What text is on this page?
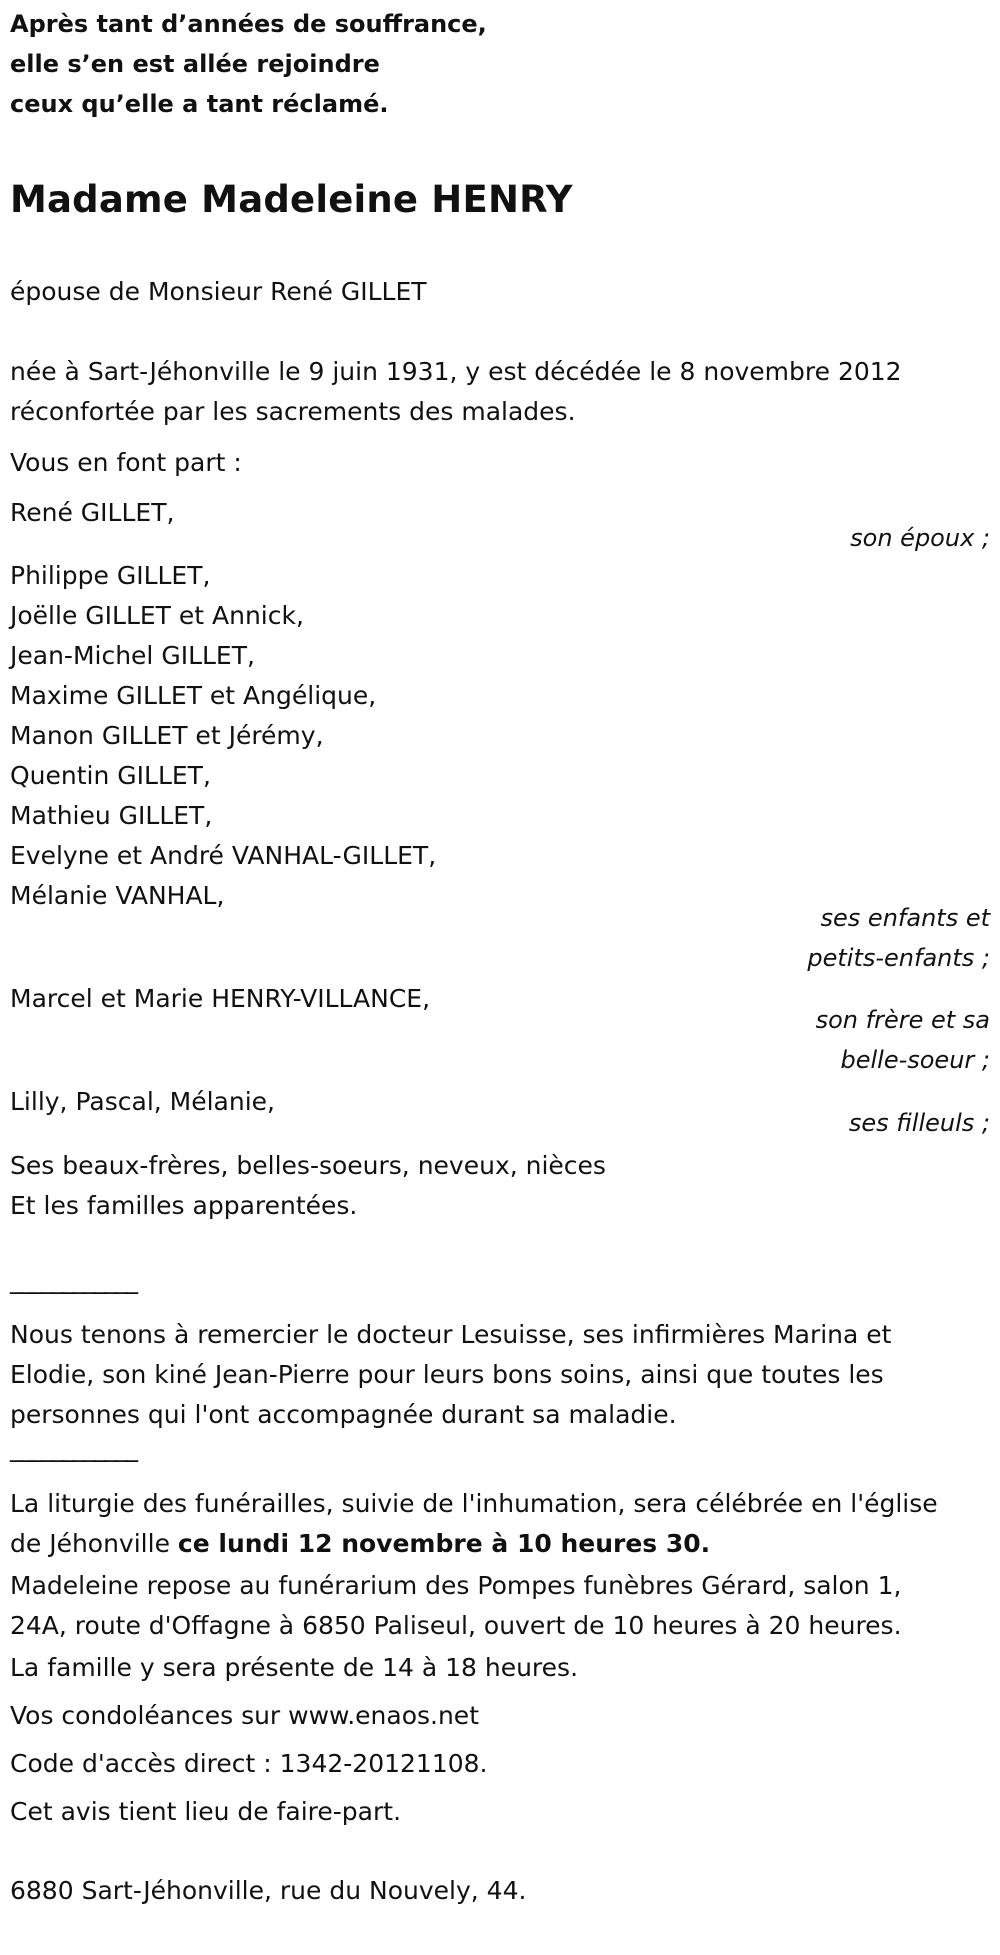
Après tant d’années de souffrance,
elle s’en est allée rejoindre
ceux qu’elle a tant réclamé.
Madame Madeleine HENRY
épouse de Monsieur René GILLET
née à Sart-Jéhonville le 9 juin 1931, y est décédée le 8 novembre 2012
réconfortée par les sacrements des malades.
Vous en font part :
René GILLET,
son époux ;
Philippe GILLET,
Joëlle GILLET et Annick,
Jean-Michel GILLET,
Maxime GILLET et Angélique,
Manon GILLET et Jérémy,
Quentin GILLET,
Mathieu GILLET,
Evelyne et André VANHAL-GILLET,
Mélanie VANHAL,
ses enfants et
petits-enfants ;
Marcel et Marie HENRY-VILLANCE,
son frère et sa
belle-soeur ;
Lilly, Pascal, Mélanie,
ses filleuls ;
Ses beaux-frères, belles-soeurs, neveux, nièces
Et les familles apparentées.
____________
Nous tenons à remercier le docteur Lesuisse, ses infirmières Marina et
Elodie, son kiné Jean-Pierre pour leurs bons soins, ainsi que toutes les
personnes qui l'ont accompagnée durant sa maladie.
____________
La liturgie des funérailles, suivie de l'inhumation, sera célébrée en l'église
de Jéhonville ce lundi 12 novembre à 10 heures 30.
Madeleine repose au funérarium des Pompes funèbres Gérard, salon 1,
24A, route d'Offagne à 6850 Paliseul, ouvert de 10 heures à 20 heures.
La famille y sera présente de 14 à 18 heures.
Vos condoléances sur www.enaos.net
Code d'accès direct : 1342-20121108.
Cet avis tient lieu de faire-part.
6880 Sart-Jéhonville, rue du Nouvely, 44.
